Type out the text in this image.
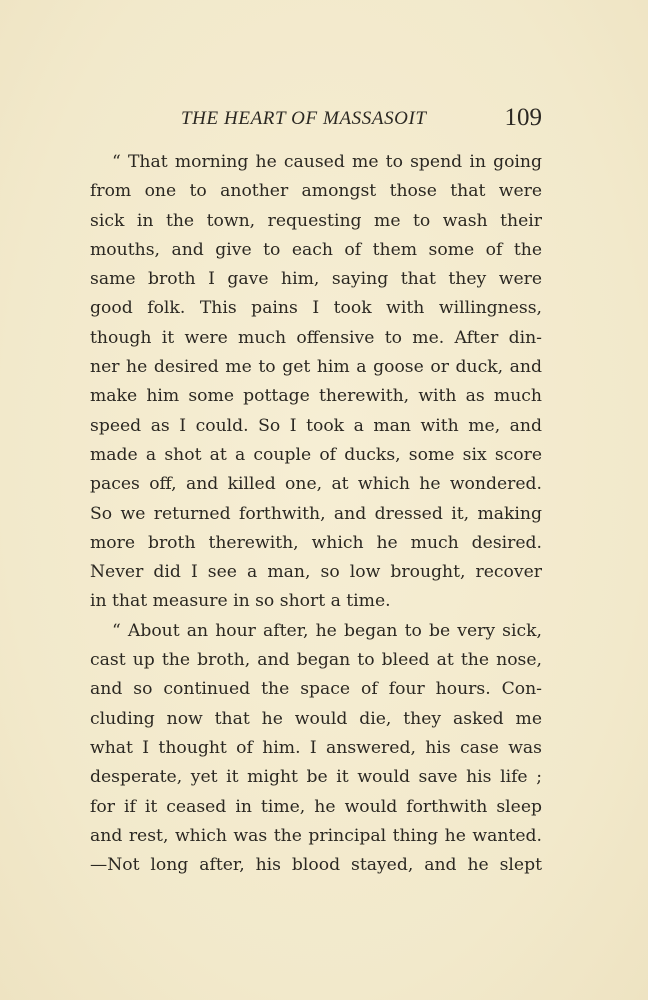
THE HEART OF MASSASOIT	109
“ That morning he caused me to spend in going
from one to another amongst those that were
sick in the town, requesting me to wash their
mouths, and give to each of them some of the
same broth I gave him, saying that they were
good folk. This pains I took with willingness,
though it were much offensive to me. After din-
ner he desired me to get him a goose or duck, and
make him some pottage therewith, with as much
speed as I could. So I took a man with me, and
made a shot at a couple of ducks, some six score
paces off, and killed one, at which he wondered.
So we returned forthwith, and dressed it, making
more broth therewith, which he much desired.
Never did I see a man, so low brought, recover
in that measure in so short a time.
“ About an hour after, he began to be very sick,
cast up the broth, and began to bleed at the nose,
and so continued the space of four hours. Con-
cluding now that he would die, they asked me
what I thought of him. I answered, his case was
desperate, yet it might be it would save his life ;
for if it ceased in time, he would forthwith sleep
and rest, which was the principal thing he wanted.
—Not long after, his blood stayed, and he slept
